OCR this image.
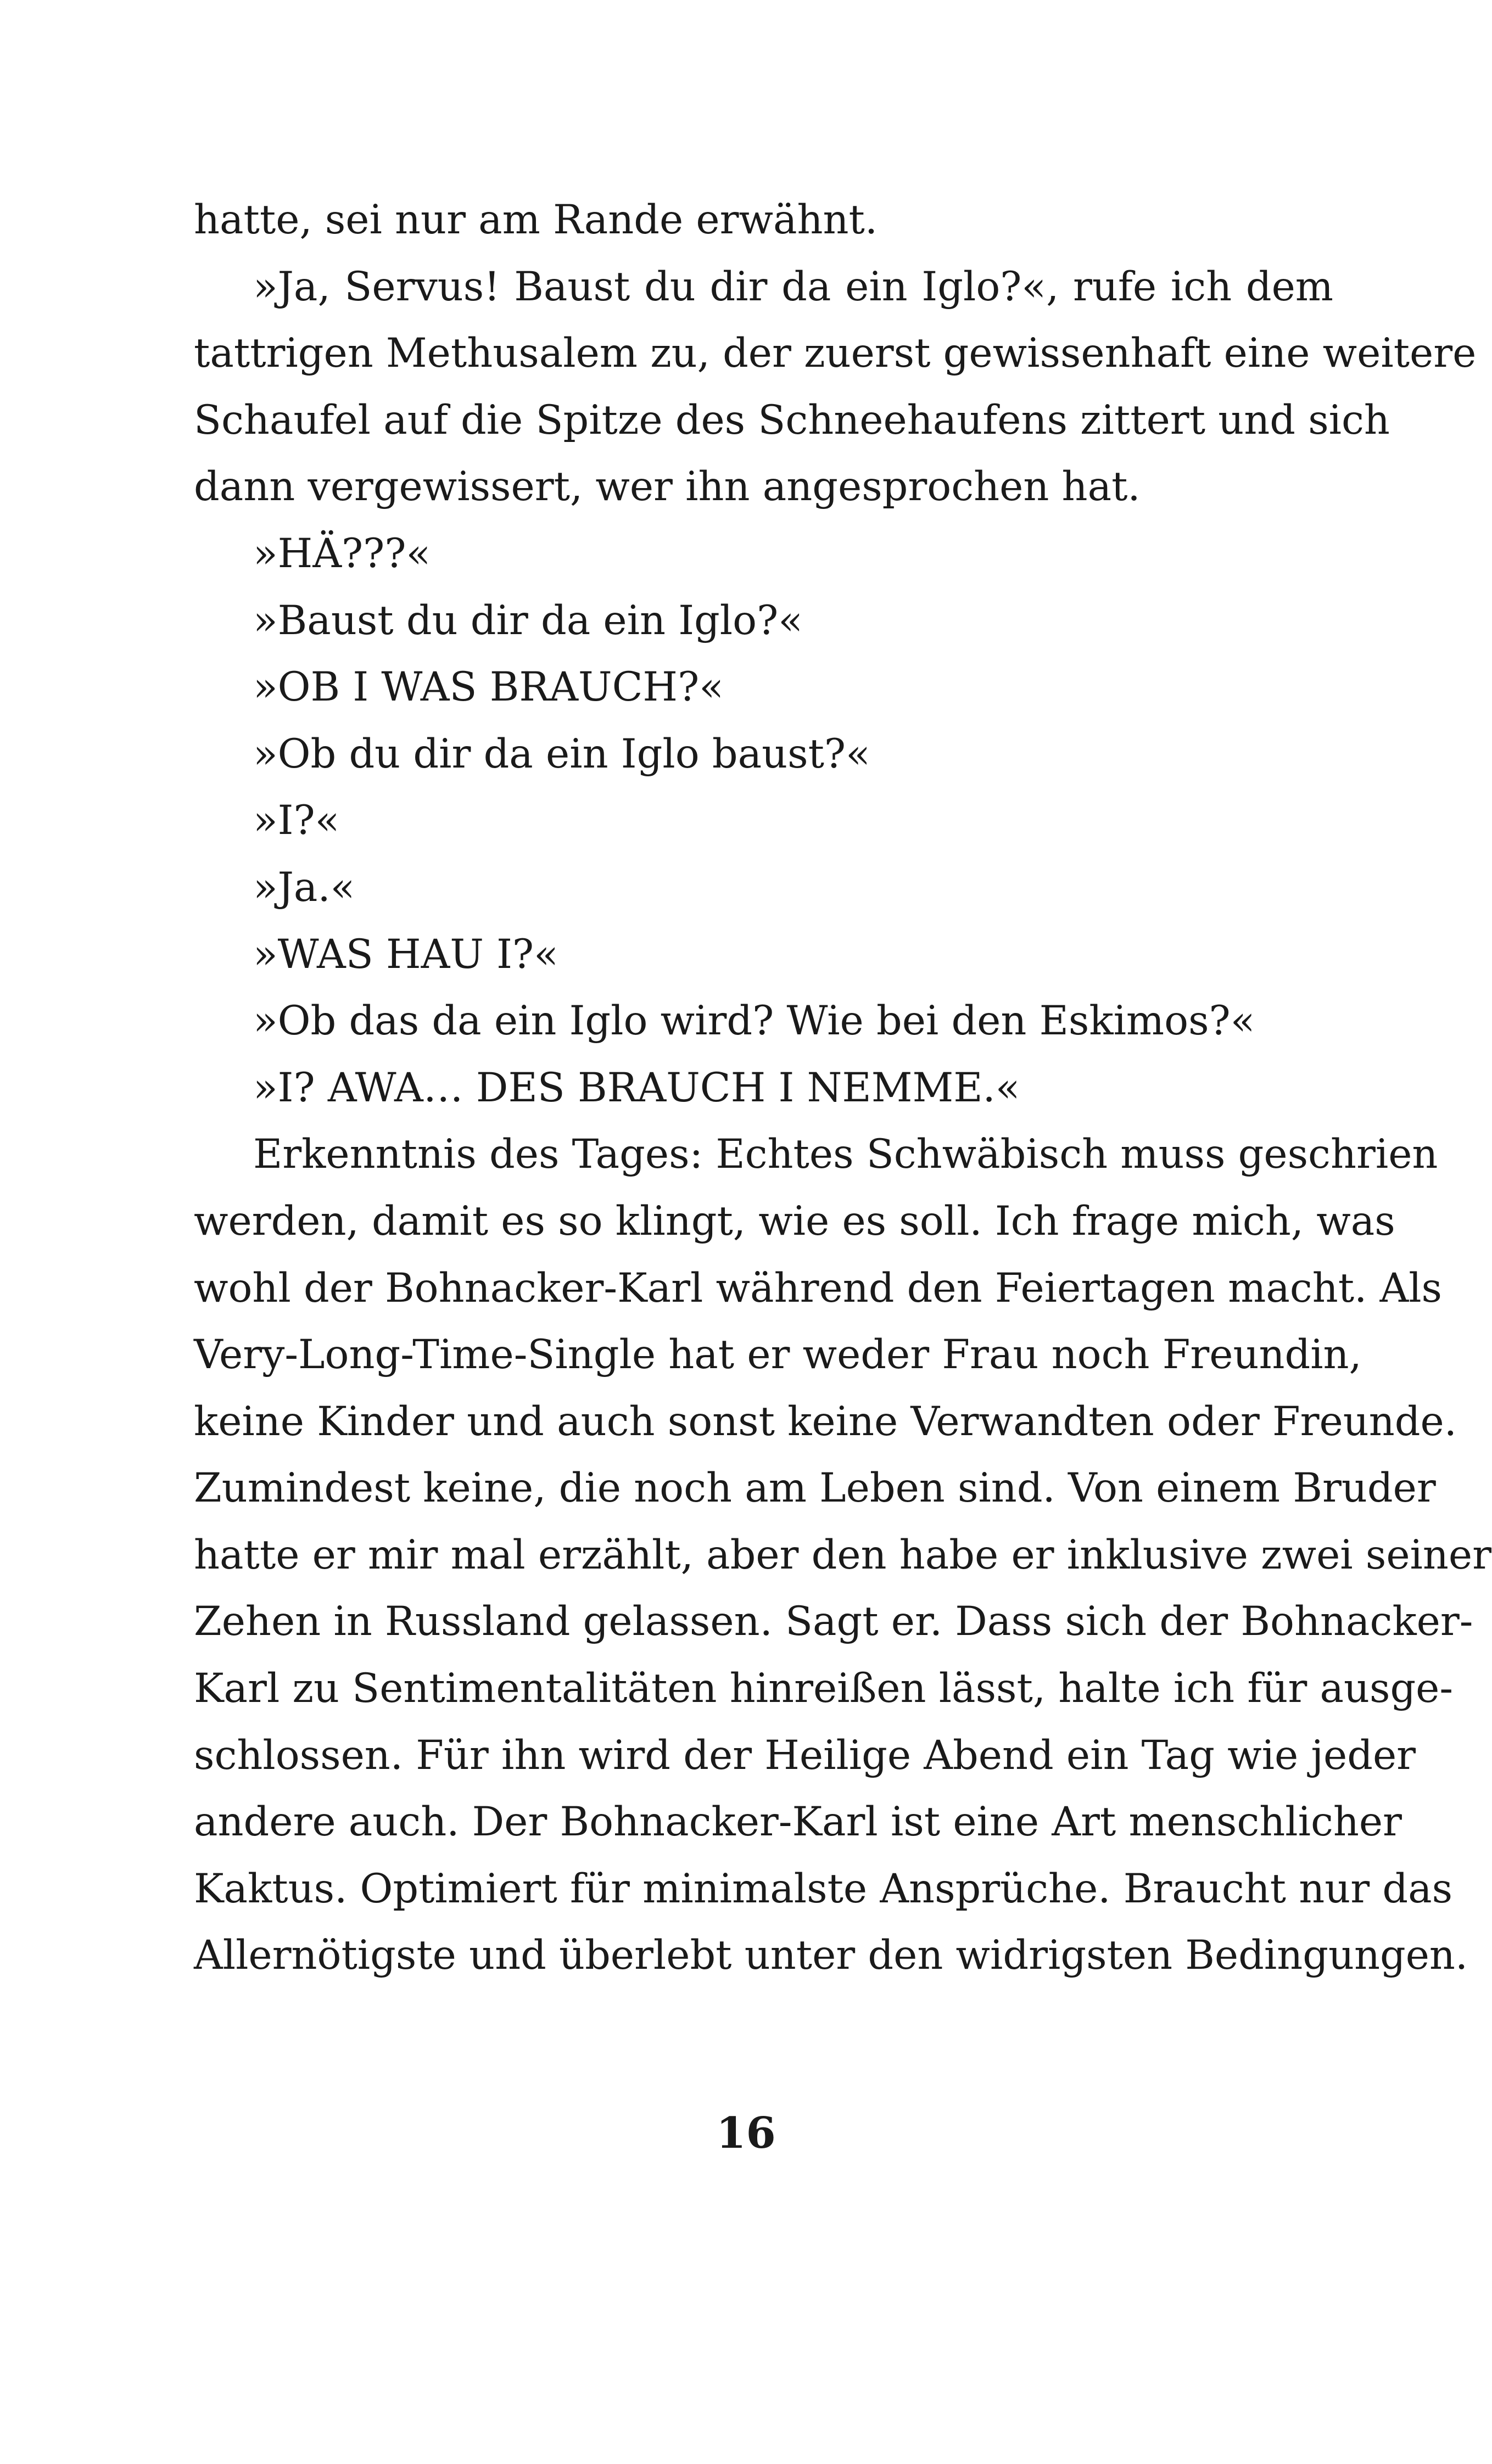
hatte, sei nur am Rande erwähnt.
»Ja, Servus! Baust du dir da ein Iglo?«, rufe ich dem
tattrigen Methusalem zu, der zuerst gewissenhaft eine weitere
Schaufel auf die Spitze des Schneehaufens zittert und sich
dann vergewissert, wer ihn angesprochen hat.
»HÄ???«
»Baust du dir da ein Iglo?«
»OB I WAS BRAUCH?«
»Ob du dir da ein Iglo baust?«
»I?«
»Ja.«
»WAS HAU I?«
»Ob das da ein Iglo wird? Wie bei den Eskimos?«
»I? AWA… DES BRAUCH I NEMME.«
Erkenntnis des Tages: Echtes Schwäbisch muss geschrien
werden, damit es so klingt, wie es soll. Ich frage mich, was
wohl der Bohnacker-Karl während den Feiertagen macht. Als
Very-Long-Time-Single hat er weder Frau noch Freundin,
keine Kinder und auch sonst keine Verwandten oder Freunde.
Zumindest keine, die noch am Leben sind. Von einem Bruder
hatte er mir mal erzählt, aber den habe er inklusive zwei seiner
Zehen in Russland gelassen. Sagt er. Dass sich der Bohnacker-
Karl zu Sentimentalitäten hinreißen lässt, halte ich für ausge-
schlossen. Für ihn wird der Heilige Abend ein Tag wie jeder
andere auch. Der Bohnacker-Karl ist eine Art menschlicher
Kaktus. Optimiert für minimalste Ansprüche. Braucht nur das
Allernötigste und überlebt unter den widrigsten Bedingungen.
16
